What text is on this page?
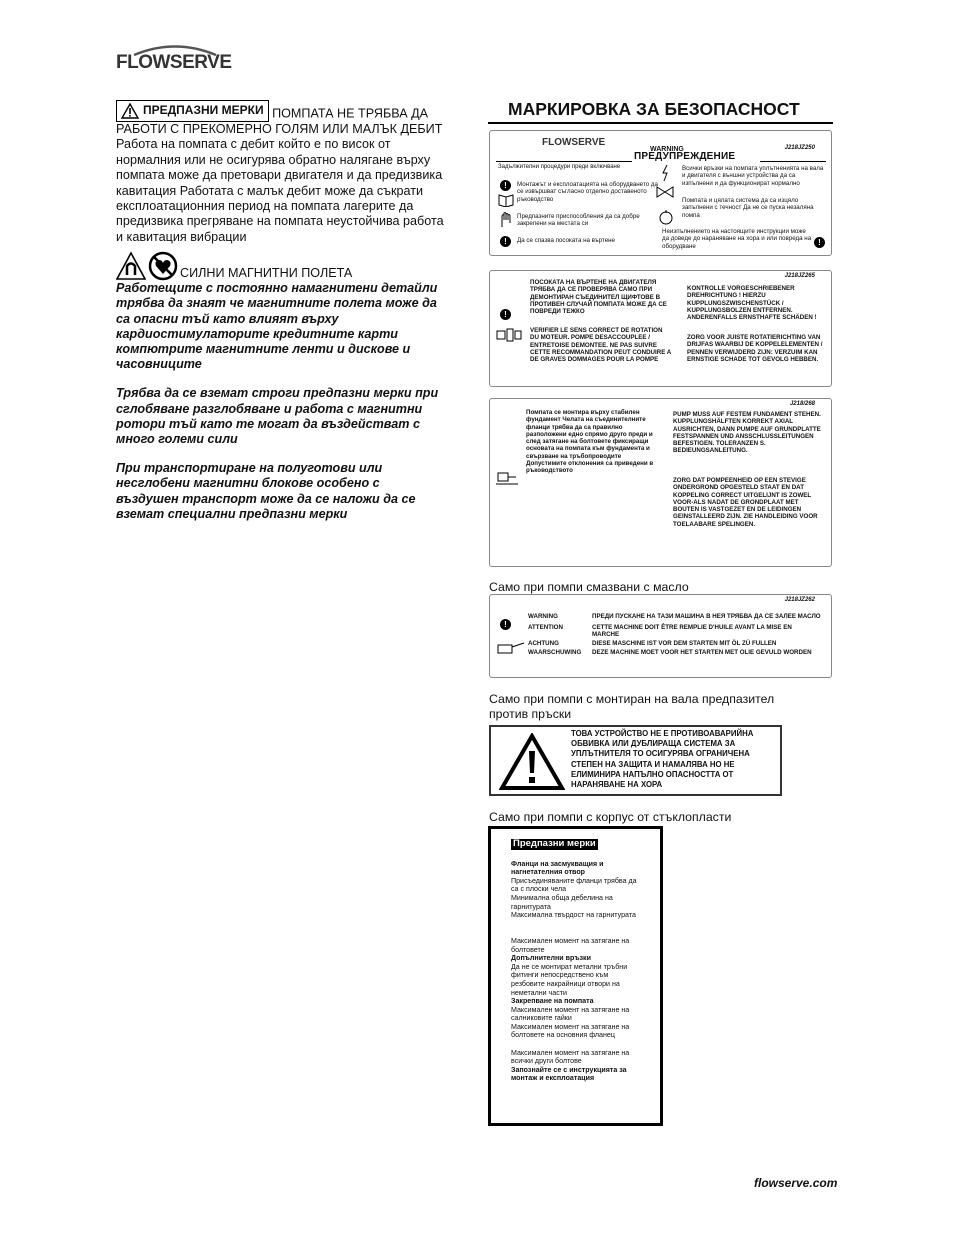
FLOWSERVE
ПРЕДПАЗНИ МЕРКИ ПОМПАТА НЕ ТРЯБВА ДА
РАБОТИ С ПРЕКОМЕРНО ГОЛЯМ ИЛИ МАЛЪК ДЕБИТ
Работа на помпата с дебит който е по висок от
нормалния или не осигурява обратно налягане върху
помпата може да претовари двигателя и да предизвика
кавитация Работата с малък дебит може да съкрати
експлоатационния период на помпата лагерите да
предизвика прегряване на помпата неустойчива работа
и кавитация вибрации
СИЛНИ МАГНИТНИ ПОЛЕТА
Работещите с постоянно намагнитени детайли
трябва да знаят че магнитните полета може да
са опасни тъй като влияят върху
кардиостимулаторите кредитните карти
компютрите магнитните ленти и дискове и
часовниците
Трябва да се вземат строги предпазни мерки при
сглобяване разглобяване и работа с магнитни
ротори тъй като те могат да въздействат с
много големи сили
При транспортиране на полуготови или
несглобени магнитни блокове особено с
въздушен транспорт може да се наложи да се
вземат специални предпазни мерки
МАРКИРОВКА ЗА БЕЗОПАСНОСТ
FLOWSERVE	J218JZ250
WARNING
ПРЕДУПРЕЖДЕНИЕ
Задължителни процедури преди включване
!	Монтажът и експлоатацията на оборудването да се извършват съгласно отделно доставеното ръководство
Предпазните приспособления да са добре закрепени на местата си
!	Да се спазва посоката на въртене
Всички връзки на помпата уплътненията на вала и двигателя с външни устройства да са изпълнени и да функционират нормално
Помпата и цялата система да са изцяло запълнени с течност Да не се пуска незаляна помпа
Неизпълнението на настоящите инструкции може да доведе до нараняване на хора и или повреда на оборудване	!
J218JZ265
!
ПОСОКАТА НА ВЪРТЕНЕ НА ДВИГАТЕЛЯ ТРЯБВА ДА СЕ ПРОВЕРЯВА САМО ПРИ ДЕМОНТИРАН СЪЕДИНИТЕЛ ЩИФТОВЕ В ПРОТИВЕН СЛУЧАЙ ПОМПАТА МОЖЕ ДА СЕ ПОВРЕДИ ТЕЖКО
VERIFIER LE SENS CORRECT DE ROTATION DU MOTEUR. POMPE DESACCOUPLEE / ENTRETOISE DEMONTEE. NE PAS SUIVRE CETTE RECOMMANDATION PEUT CONDUIRE A DE GRAVES DOMMAGES POUR LA POMPE
KONTROLLE VORGESCHRIEBENER DREHRICHTUNG ! HIERZU KUPPLUNGSZWISCHENSTÜCK / KUPPLUNGSBOLZEN ENTFERNEN. ANDERENFALLS ERNSTHAFTE SCHÄDEN !
ZORG VOOR JUISTE ROTATIERICHTING VAN DRIJFAS WAARBIJ DE KOPPELELEMENTEN / PENNEN VERWIJDERD ZIJN: VERZUIM KAN ERNSTIGE SCHADE TOT GEVOLG HEBBEN.
J218/268
Помпата се монтира върху стабилен фундамент Челата на съединителните фланци трябва да са правилно разположени едно спрямо друго преди и след затягане на болтовете фиксиращи основата на помпата към фундамента и свързване на тръбопроводите Допустимите отклонения са приведени в ръководството
PUMP MUSS AUF FESTEM FUNDAMENT STEHEN. KUPPLUNGSHÄLFTEN KORREKT AXIAL AUSRICHTEN, DANN PUMPE AUF GRUNDPLATTE FESTSPANNEN UND ANSSCHLUSSLEITUNGEN BEFESTIGEN. TOLERANZEN S. BEDIEUNGSANLEITUNG.
ZORG DAT POMPEENHEID OP EEN STEVIGE ONDERGROND OPGESTELD STAAT EN DAT KOPPELING CORRECT UITGELIJNT IS ZOWEL VOOR-ALS NADAT DE GRONDPLAAT MET BOUTEN IS VASTGEZET EN DE LEIDINGEN GEINSTALLEERD ZIJN. ZIE HANDLEIDING VOOR TOELAABARE SPELINGEN.
Само при помпи смазвани с масло
J218JZ262
!
WARNING	ПРЕДИ ПУСКАНЕ НА ТАЗИ МАШИНА В НЕЯ ТРЯБВА ДА СЕ ЗАЛЕЕ МАСЛО
ATTENTION	CETTE MACHINE DOIT ÊTRE REMPLIE D'HUILE AVANT LA MISE EN MARCHE
ACHTUNG	DIESE MASCHINE IST VOR DEM STARTEN MIT ÖL ZÜ FULLEN
WAARSCHUWING DEZE MACHINE MOET VOOR HET STARTEN MET OLIE GEVULD WORDEN
Само при помпи с монтиран на вала предпазител
против пръски
ТОВА УСТРОЙСТВО НЕ Е ПРОТИВОАВАРИЙНА
ОБВИВКА ИЛИ ДУБЛИРАЩА СИСТЕМА ЗА
УПЛЪТНИТЕЛЯ ТО ОСИГУРЯВА ОГРАНИЧЕНА
СТЕПЕН НА ЗАЩИТА И НАМАЛЯВА НО НЕ
ЕЛИМИНИРА НАПЪЛНО ОПАСНОСТТА ОТ
НАРАНЯВАНЕ НА ХОРА
Само при помпи с корпус от стъклопласти
Предпазни мерки
Фланци на засмукващия и
нагнетателния отвор
Присъединяваните фланци трябва да
са с плоски чела
Минимална обща дебелина на
гарнитурата
Максимална твърдост на гарнитурата
Максимален момент на затягане на
болтовете
Допълнителни връзки
Да не се монтират метални тръбни
фитинги непосредствено към
резбовите накрайници отвори на
неметални части
Закрепване на помпата
Максимален момент на затягане на
салниковите гайки
Максимален момент на затягане на
болтовете на основния фланец
Максимален момент на затягане на
всички други болтове
Запознайте се с инструкцията за
монтаж и експлоатация
flowserve.com
